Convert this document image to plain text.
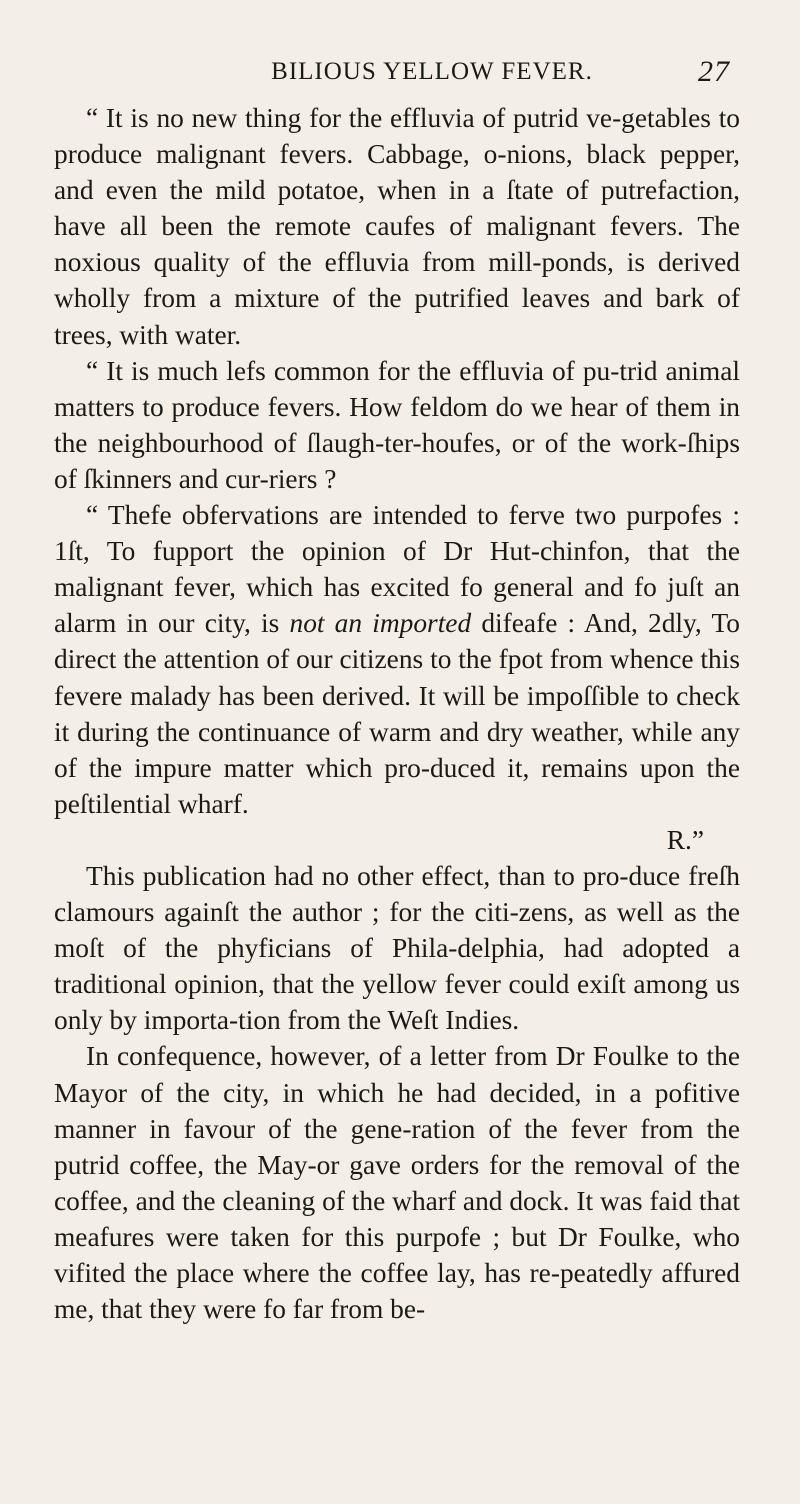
BILIOUS YELLOW FEVER.	27

“ It is no new thing for the effluvia of putrid ve-getables to produce malignant fevers. Cabbage, o-nions, black pepper, and even the mild potatoe, when in a ſtate of putrefaction, have all been the remote caufes of malignant fevers. The noxious quality of the effluvia from mill-ponds, is derived wholly from a mixture of the putrified leaves and bark of trees, with water.

“ It is much lefs common for the effluvia of pu-trid animal matters to produce fevers. How feldom do we hear of them in the neighbourhood of ſlaugh-ter-houfes, or of the work-ſhips of ſkinners and cur-riers ?

“ Thefe obfervations are intended to ferve two purpofes : 1ſt, To fupport the opinion of Dr Hut-chinfon, that the malignant fever, which has excited fo general and fo juſt an alarm in our city, is not an imported difeafe : And, 2dly, To direct the attention of our citizens to the fpot from whence this fevere malady has been derived. It will be impoſſible to check it during the continuance of warm and dry weather, while any of the impure matter which pro-duced it, remains upon the peſtilential wharf.

R.”

This publication had no other effect, than to pro-duce freſh clamours againſt the author ; for the citi-zens, as well as the moſt of the phyficians of Phila-delphia, had adopted a traditional opinion, that the yellow fever could exiſt among us only by importa-tion from the Weſt Indies.

In confequence, however, of a letter from Dr Foulke to the Mayor of the city, in which he had decided, in a pofitive manner in favour of the gene-ration of the fever from the putrid coffee, the May-or gave orders for the removal of the coffee, and the cleaning of the wharf and dock. It was faid that meafures were taken for this purpofe ; but Dr Foulke, who vifited the place where the coffee lay, has re-peatedly affured me, that they were fo far from be-
